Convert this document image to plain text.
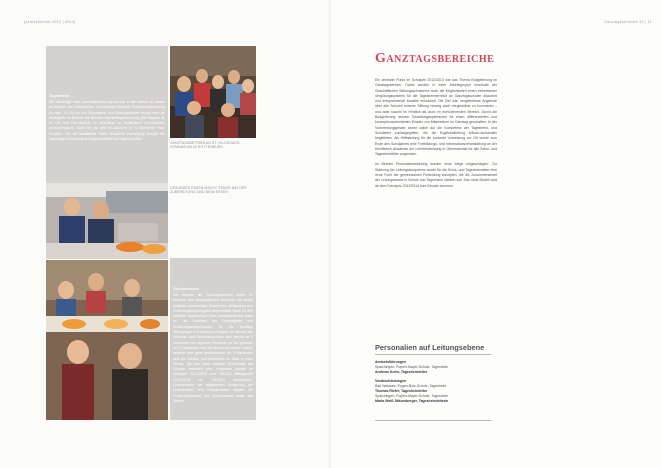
[Jahresbericht 2012 | 2013]

Tagesheim

Die Nachfrage nach Ganztagsbetreuung hat sich in den letzten 10 Jahren im Bereich der verlässlichen Grundschule (Bereich Grundschulbetreuung bis max. 14 Uhr) an den Schulwerks- und Stiftungsschulen etwas mehr als verdoppelt; im Bereich der flexiblen Nachmittagsbetreuung (alle Klassen ab 12 Uhr und Grundschule im Anschluss an Verlässliche Grundschule) verzwanzigfacht. Nach wie vor gibt es daneben an 4 Standorten Hort-Gruppen. Die auf statistische Daten reduzierte Darstellung spiegelt die Nachfrage und erweiterte Angebotsvielfalt nur begrenzt wider.

GANZTAGSBETRIEB AN ST. HILDEGARD-GYMNASIUM IN ROTTENBURG
GESUNDES ESSEN MACHT SPASS: BEI DER ZUBEREITUNG UND BEIM ESSEN.

Schulmensen

Die Mensen der Ganztagsschulen bieten im Rahmen des pädagogischen Konzepts mit einem qualitativ hochwertigen Essen eine verlässliche und ernährungsphysiologisch abgerundete Basis für den weiteren Tagesverlauf. Eine Herausforderung dabei ist, die Vorlieben der Essensgäste und Ernährungsempfehlungen für die jeweilige Altersgruppe in Einklang zu bringen. Im Bereich der Stiftungs- und Schulwerkschulen wird derzeit an 5 Standorten mit eigenem Personal vor Ort gekocht, an 11 Standorten wird die Mensa von einem Caterer beliefert oder ganz bewirtschaftet. An 3 Standorten sind die Schüler und Mitarbeiter zu Gast in einer Mensa, die von einer anderen Einrichtung der Diözese betrieben wird. Insgesamt wurden im Schuljahr 2012/2013 rund 700.000 Mittagessen (2011/2013 ca. 140.000) ausgegeben. Entsprechend der allgemeinen Steigerung der Lebensmittel- und Energiekosten stiegen die Produktionskosten der Schulmensen daher seit Jahren.

Ganztagsbereiche 10 | 11
Ganztagsbereiche

Ein zentraler Punkt im Schuljahr 2012/2013 war das Thema Budgetierung im Ganztagsbereich. Dabei wurden in einer Arbeitsgruppe innerhalb der Geschäftlichen Stiftungsschulwerks auch die Möglichkeiten einen einheitlichen Vergütungssystems für die Tagesheimbereich an Ganztagsschulen diskutiert und entsprechende Modelle entwickelt. Die Ziel war, vergleichbare Angebote über alle Schulen unserer Stiftung hinweg auch vergleichbar zu honorieren – und zwar sowohl im Hinblick als auch im nicht-lehrenden Bereich. Durch die Budgetierung wurden Gestaltungsspielraume für einen differenzierten und konzeptionsorientierten Einsatz von Mitarbeitern im Ganztag geschaffen. In der Vorbereitungsphase wurde dabei auf die Kompetenz der Tagesheim- und Schulleiter zurückgegriffen, die die Ergebnisfindung kritisch-konstruktiv begleiteten. Als Hilfestellung für die konkrete Umsetzung vor Ort wurde zum Ende des Schuljahres eine Fortbildungs- und Informationsveranstaltung an der Kirchlichen Akademie der Lehrerfortbildung in Obermarchtal für alle Schul- und Tagesheimleiter angeboten.

Im Bereich Personalentwicklung wurden neue Wege eingeschlagen: Zur Stärkung der Leitungskompetenz wurde für die Schul- und Tagesheimleiter eine neue Form der gemeinsamen Fortbildung konzipiert, die die Zusammenarbeit der Leitungsteams in Schule und Tagesheim stärken soll. Das neue Modell wird ab dem Schuljahr 2013/2014 zum Einsatz kommen.

Personalien auf Leitungsebene
Amtseinführungen
Spaichingen, Rupert-Mayer-Schule, Tagesheim
Andreas Kuhn, Tagesheimleiter
Verabschiedungen
Bad Waldsee, Eugen-Bolz-Schule, Tagesheim
Thomas Riefer, Tagesheimleiter
Spaichingen, Rupert-Mayer-Schule, Tagesheim
Maria Weiß-Stitzenberger, Tagesheimleiterin
